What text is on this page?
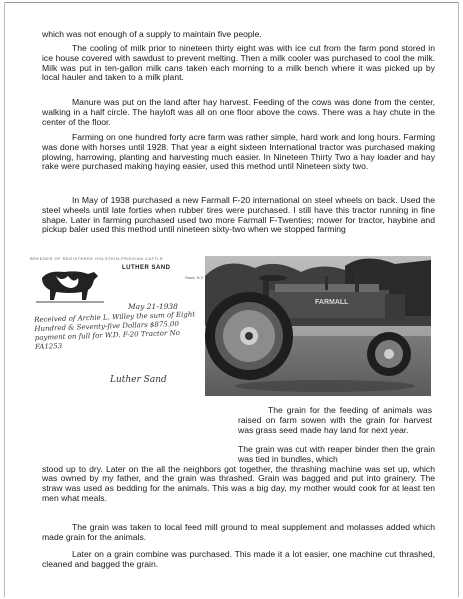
which was not enough of a supply to maintain five people.

The cooling of milk prior to nineteen thirty eight was with ice cut from the farm pond stored in ice house covered with sawdust to prevent melting. Then a milk cooler was purchased to cool the milk. Milk was put in ten-gallon milk cans taken each morning to a milk bench where it was picked up by local hauler and taken to a milk plant.

Manure was put on the land after hay harvest. Feeding of the cows was done from the center, walking in a half circle. The hayloft was all on one floor above the cows. There was a hay chute in the center of the floor.

Farming on one hundred forty acre farm was rather simple, hard work and long hours. Farming was done with horses until 1928. That year a eight sixteen International tractor was purchased making plowing, harrowing, planting and harvesting much easier. In Nineteen Thirty Two a hay loader and hay rake were purchased making haying easier, used this method until Nineteen sixty two.

In May of 1938 purchased a new Farmall F-20 international on steel wheels on back. Used the steel wheels until late forties when rubber tires were purchased. I still have this tractor running in fine shape. Later in farming purchased used two more Farmall F-Twenties; mower for tractor, haybine and pickup baler used this method until nineteen sixty-two when we stopped farming

BREEDER OF REGISTERED HOLSTEIN-FRIESIAN CATTLE
LUTHER SAND
Sand, N.Y.
May 21-1938
Received of Archie L. Willey the sum of Eight Hundred & Seventy-five Dollars $875.00 payment on full for W.D. F-20 Tractor No FA1253
Luther Sand
FARMALL

The grain for the feeding of animals was raised on farm sowen with the grain for harvest was grass seed made hay land for next year.

The grain was cut with reaper binder then the grain was tied in bundles, which
stood up to dry. Later on the all the neighbors got together, the thrashing machine was set up, which was owned by my father, and the grain was thrashed. Grain was bagged and put into grainery. The straw was used as bedding for the animals. This was a big day, my mother would cook for at least ten men what meals.

The grain was taken to local feed mill ground to meal supplement and molasses added which made grain for the animals.

Later on a grain combine was purchased. This made it a lot easier, one machine cut thrashed, cleaned and bagged the grain.
